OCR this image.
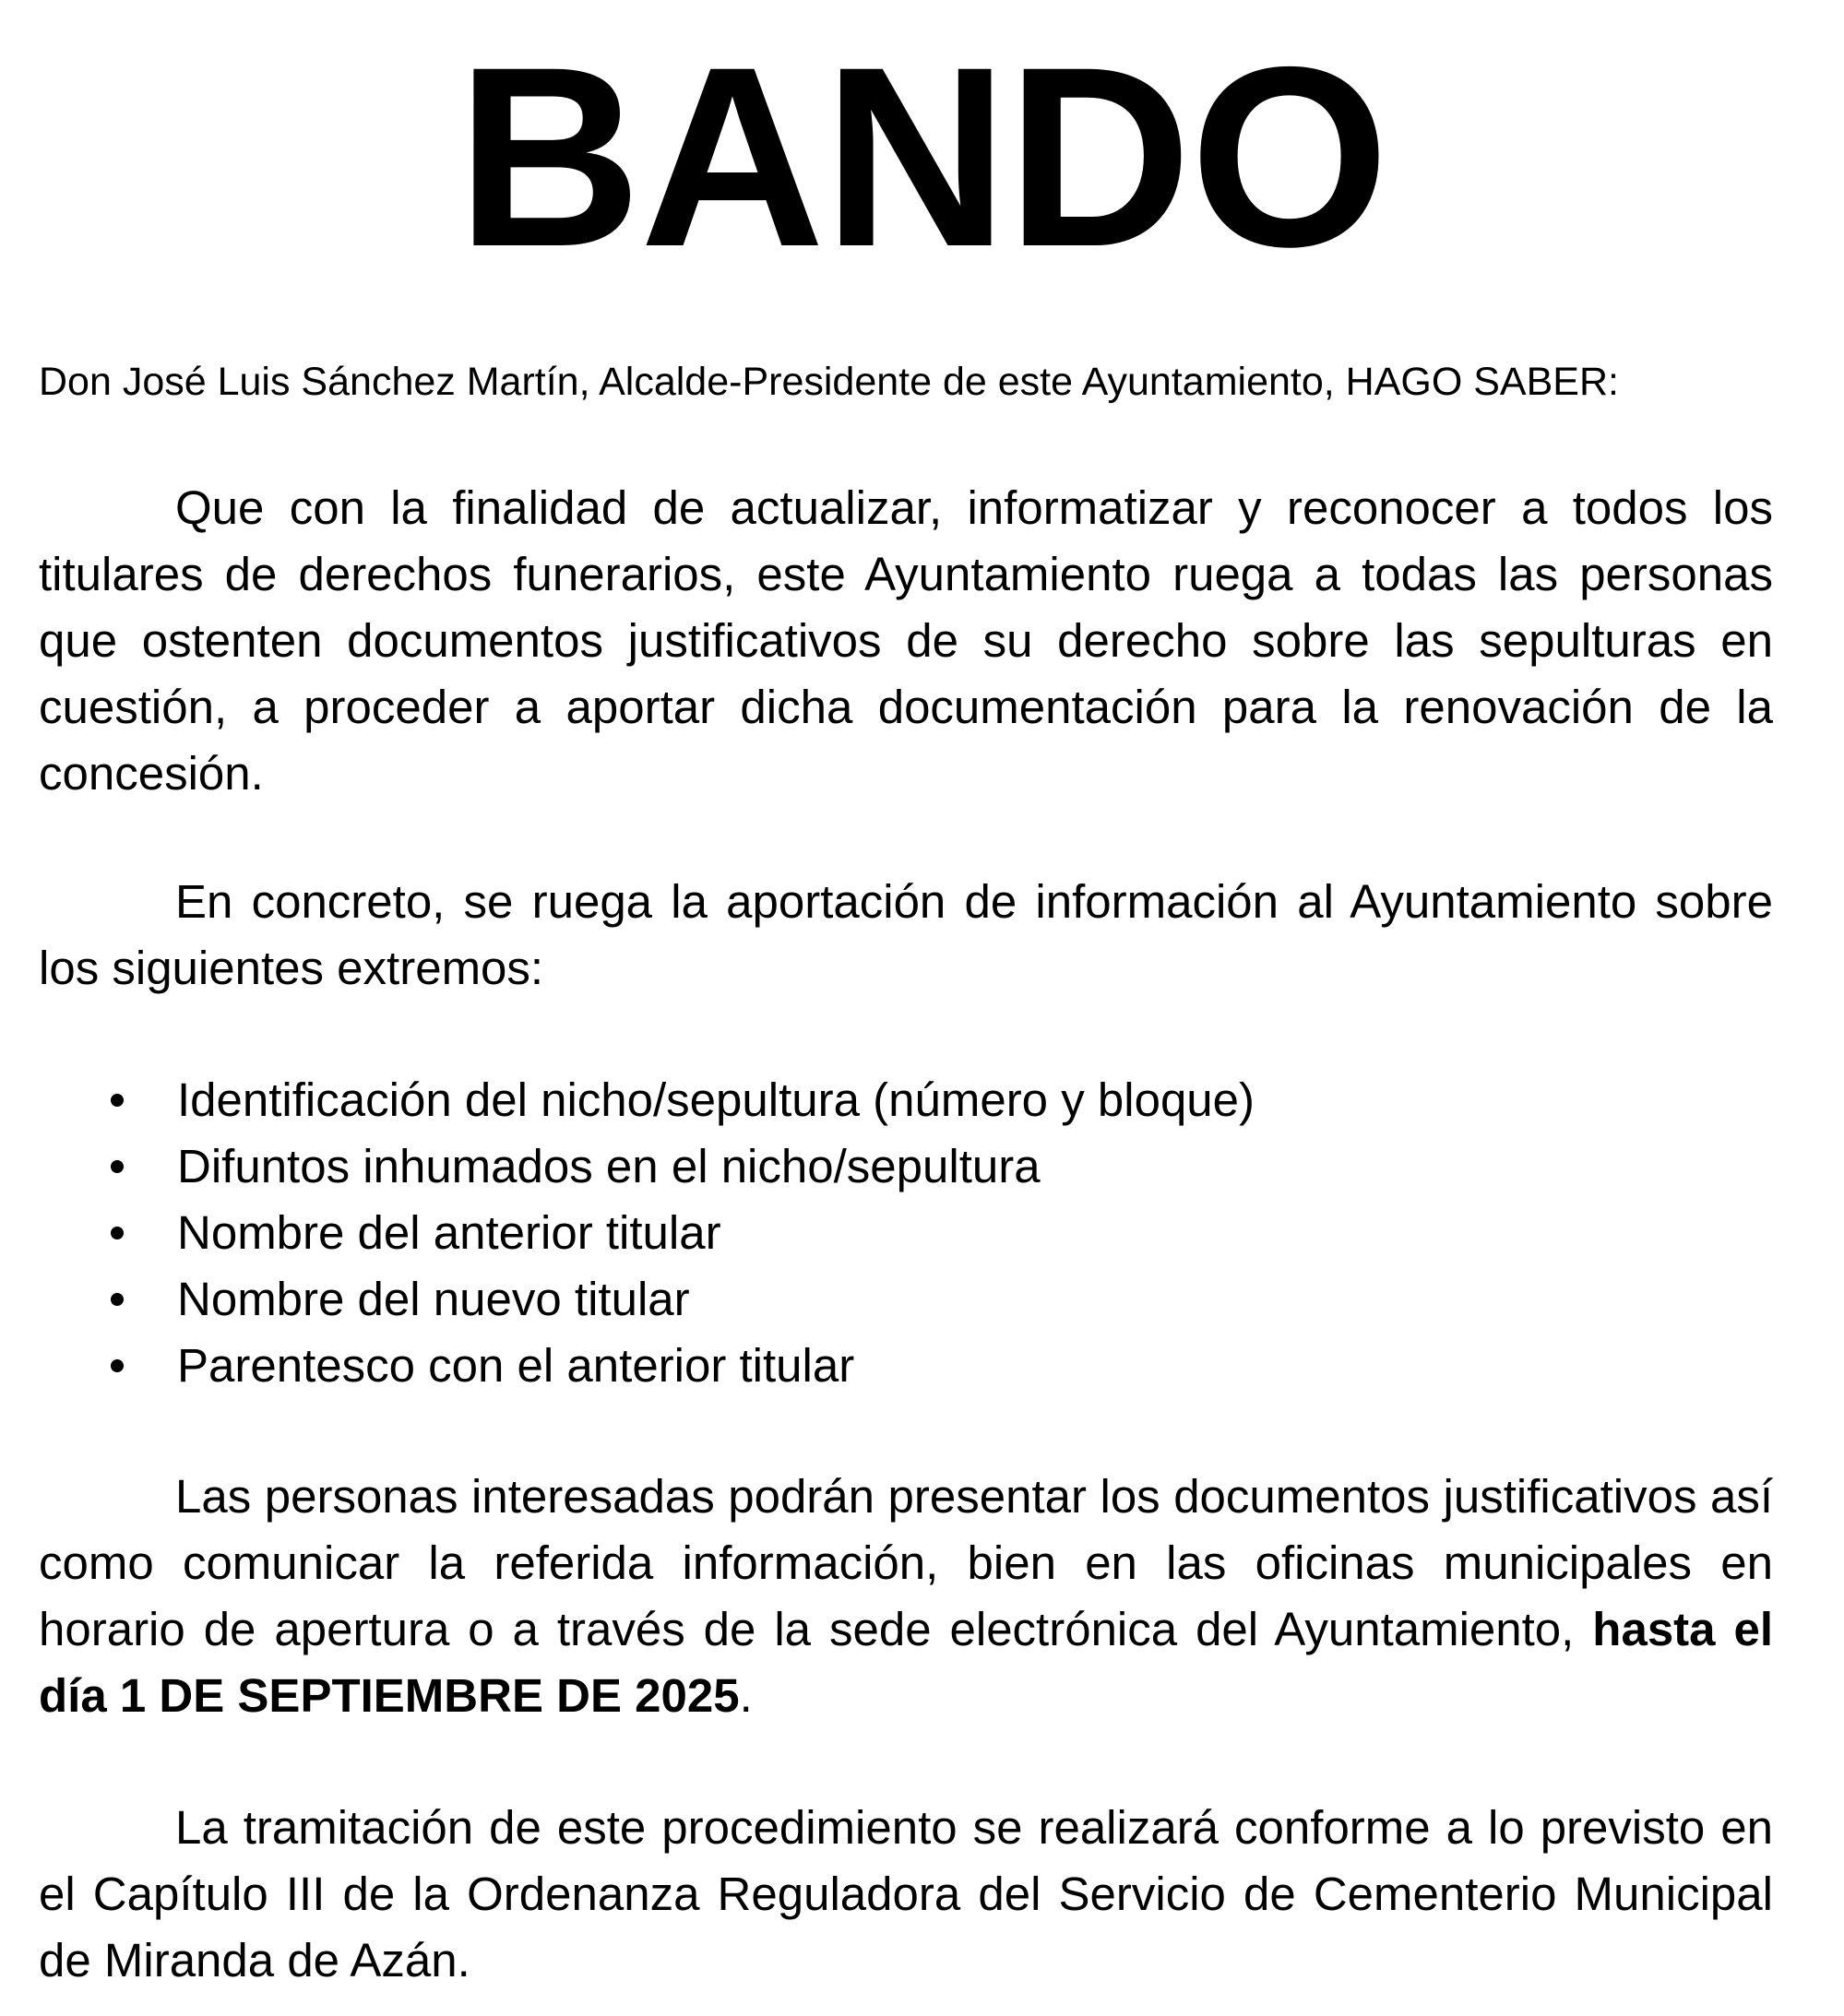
BANDO
Don José Luis Sánchez Martín, Alcalde-Presidente de este Ayuntamiento, HAGO SABER:
Que con la finalidad de actualizar, informatizar y reconocer a todos los titulares de derechos funerarios, este Ayuntamiento ruega a todas las personas que ostenten documentos justificativos de su derecho sobre las sepulturas en cuestión, a proceder a aportar dicha documentación para la renovación de la concesión.
En concreto, se ruega la aportación de información al Ayuntamiento sobre los siguientes extremos:
Identificación del nicho/sepultura (número y bloque)
Difuntos inhumados en el nicho/sepultura
Nombre del anterior titular
Nombre del nuevo titular
Parentesco con el anterior titular
Las personas interesadas podrán presentar los documentos justificativos así como comunicar la referida información, bien en las oficinas municipales en horario de apertura o a través de la sede electrónica del Ayuntamiento, hasta el día 1 DE SEPTIEMBRE DE 2025.
La tramitación de este procedimiento se realizará conforme a lo previsto en el Capítulo III de la Ordenanza Reguladora del Servicio de Cementerio Municipal de Miranda de Azán.
